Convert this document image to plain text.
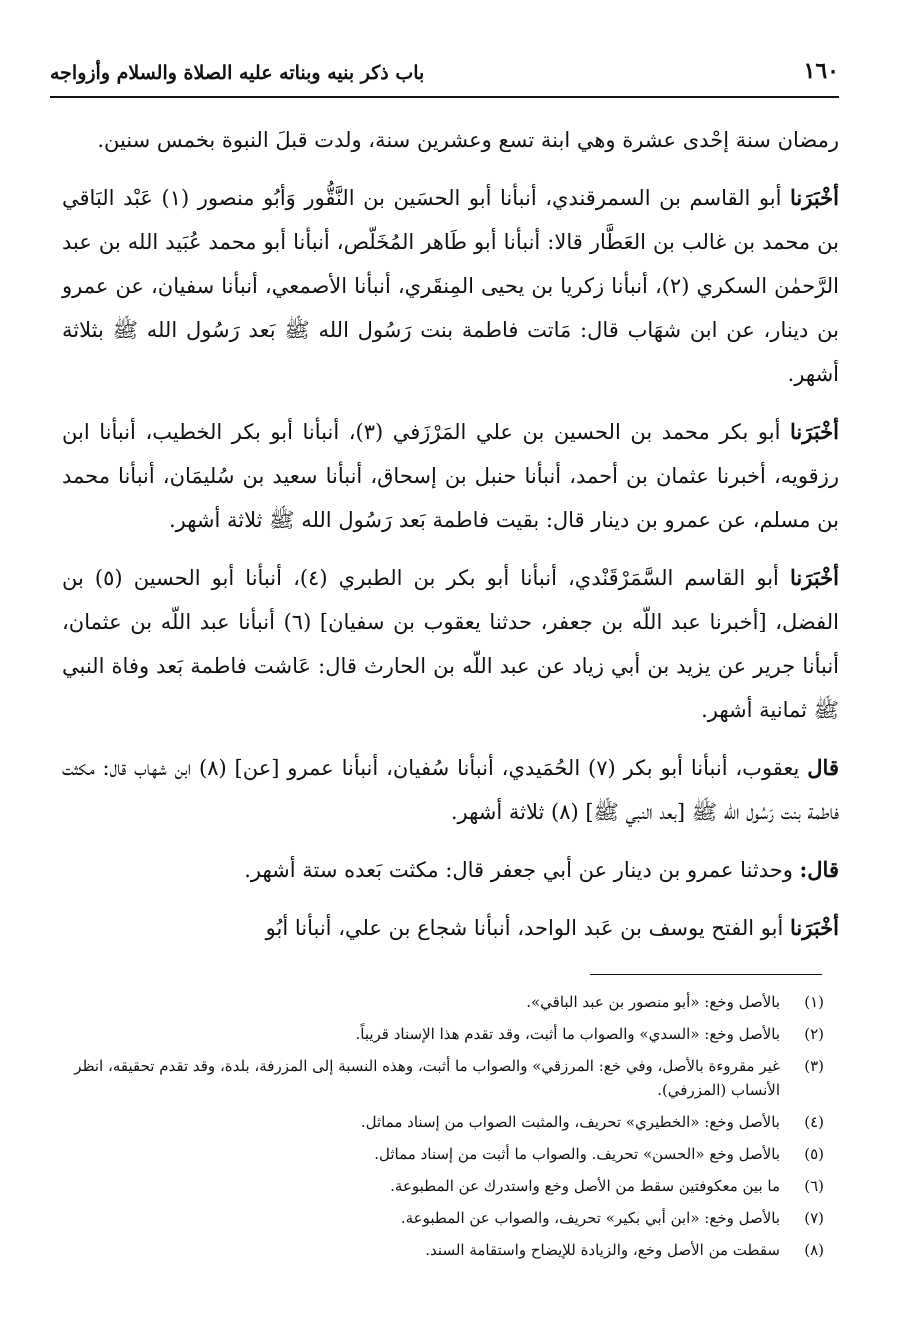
١٦٠
باب ذكر بنيه وبناته عليه الصلاة والسلام وأزواجه

رمضان سنة إحْدى عشرة وهي ابنة تسع وعشرين سنة، ولدت قبلَ النبوة بخمس سنين.

أخْبَرَنا أبو القاسم بن السمرقندي، أنبأنا أبو الحسَين بن النَّقُّور وَأبُو منصور (١) عَبْد البَاقي بن محمد بن غالب بن العَطَّار قالا: أنبأنا أبو طَاهر المُخَلّص، أنبأنا أبو محمد عُبَيد الله بن عبد الرَّحمٰن السكري (٢)، أنبأنا زكريا بن يحيى المِنقَري، أنبأنا الأصمعي، أنبأنا سفيان، عن عمرو بن دينار، عن ابن شهَاب قال: مَاتت فاطمة بنت رَسُول الله ﷺ بَعد رَسُول الله ﷺ بثلاثة أشهر.

أخْبَرَنا أبو بكر محمد بن الحسين بن علي المَرْزَفي (٣)، أنبأنا أبو بكر الخطيب، أنبأنا ابن رزقويه، أخبرنا عثمان بن أحمد، أنبأنا حنبل بن إسحاق، أنبأنا سعيد بن سُليمَان، أنبأنا محمد بن مسلم، عن عمرو بن دينار قال: بقيت فاطمة بَعد رَسُول الله ﷺ ثلاثة أشهر.

أخْبَرَنا أبو القاسم السَّمَرْقَنْدي، أنبأنا أبو بكر بن الطبري (٤)، أنبأنا أبو الحسين (٥) بن الفضل، [أخبرنا عبد اللّه بن جعفر، حدثنا يعقوب بن سفيان] (٦) أنبأنا عبد اللّه بن عثمان، أنبأنا جرير عن يزيد بن أبي زياد عن عبد اللّه بن الحارث قال: عَاشت فاطمة بَعد وفاة النبي ﷺ ثمانية أشهر.

قال يعقوب، أنبأنا أبو بكر (٧) الحُمَيدي، أنبأنا سُفيان، أنبأنا عمرو [عن] (٨) ابن شهاب قال: مكثت فاطمة بنت رَسُول الله ﷺ [بعد النبي ﷺ] (٨) ثلاثة أشهر.

قال: وحدثنا عمرو بن دينار عن أبي جعفر قال: مكثت بَعده ستة أشهر.

أخْبَرَنا أبو الفتح يوسف بن عَبد الواحد، أنبأنا شجاع بن علي، أنبأنا أبُو

(١)
بالأصل وخع: «أبو منصور بن عبد الباقي».
(٢)
بالأصل وخع: «السدي» والصواب ما أثبت، وقد تقدم هذا الإسناد قريباً.
(٣)
غير مقروءة بالأصل، وفي خع: المرزقي» والصواب ما أثبت، وهذه النسبة إلى المزرفة، بلدة، وقد تقدم تحقيقه، انظر الأنساب (المزرفي).
(٤)
بالأصل وخع: «الخطيري» تحريف، والمثبت الصواب من إسناد مماثل.
(٥)
بالأصل وخع «الحسن» تحريف. والصواب ما أثبت من إسناد مماثل.
(٦)
ما بين معكوفتين سقط من الأصل وخع واستدرك عن المطبوعة.
(٧)
بالأصل وخع: «ابن أبي بكير» تحريف، والصواب عن المطبوعة.
(٨)
سقطت من الأصل وخع، والزيادة للإيضاح واستقامة السند.
